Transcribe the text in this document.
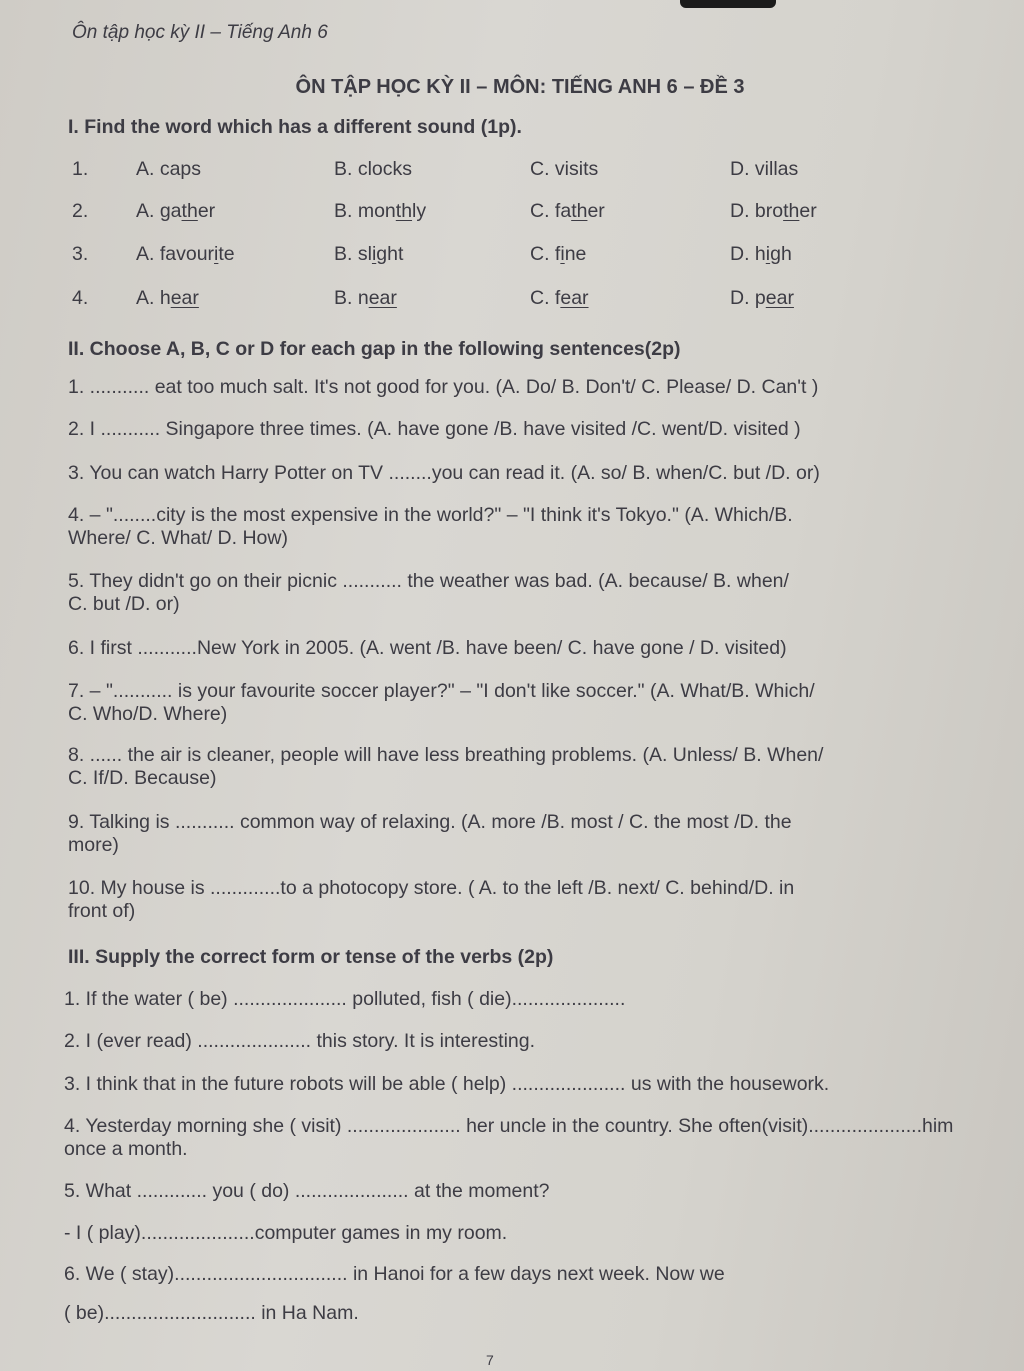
Ôn tập học kỳ II – Tiếng Anh 6
ÔN TẬP HỌC KỲ II – MÔN: TIẾNG ANH 6 – ĐỀ 3
I. Find the word which has a different sound (1p).
1. A. caps	B. clocks	C. visits	D. villas
2. A. gather	B. monthly	C. father	D. brother
3. A. favourite	B. slight	C. fine	D. high
4. A. hear	B. near	C. fear	D. pear
II. Choose A, B, C or D for each gap in the following sentences(2p)
1. ........... eat too much salt. It's not good for you. (A. Do/ B. Don't/ C. Please/ D. Can't )
2. I ........... Singapore three times. (A. have gone /B. have visited /C. went/D. visited )
3. You can watch Harry Potter on TV ........you can read it. (A. so/ B. when/C. but /D. or)
4. – "........city is the most expensive in the world?" – "I think it's Tokyo." (A. Which/B.
Where/ C. What/ D. How)
5. They didn't go on their picnic ........... the weather was bad. (A. because/ B. when/
C. but /D. or)
6. I first ...........New York in 2005. (A. went /B. have been/ C. have gone / D. visited)
7. – "........... is your favourite soccer player?" – "I don't like soccer." (A. What/B. Which/
C. Who/D. Where)
8. ...... the air is cleaner, people will have less breathing problems. (A. Unless/ B. When/
C. If/D. Because)
9. Talking is ........... common way of relaxing. (A. more /B. most / C. the most /D. the
more)
10. My house is .............to a photocopy store. ( A. to the left /B. next/ C. behind/D. in
front of)
III. Supply the correct form or tense of the verbs (2p)
1. If the water ( be) ..................... polluted, fish ( die).....................
2. I (ever read) ..................... this story. It is interesting.
3. I think that in the future robots will be able ( help) ..................... us with the housework.
4. Yesterday morning she ( visit) ..................... her uncle in the country. She often(visit).....................him once a month.
5. What ............. you ( do) ..................... at the moment?
- I ( play).....................computer games in my room.
6. We ( stay)................................ in Hanoi for a few days next week. Now we
( be)............................ in Ha Nam.
7
